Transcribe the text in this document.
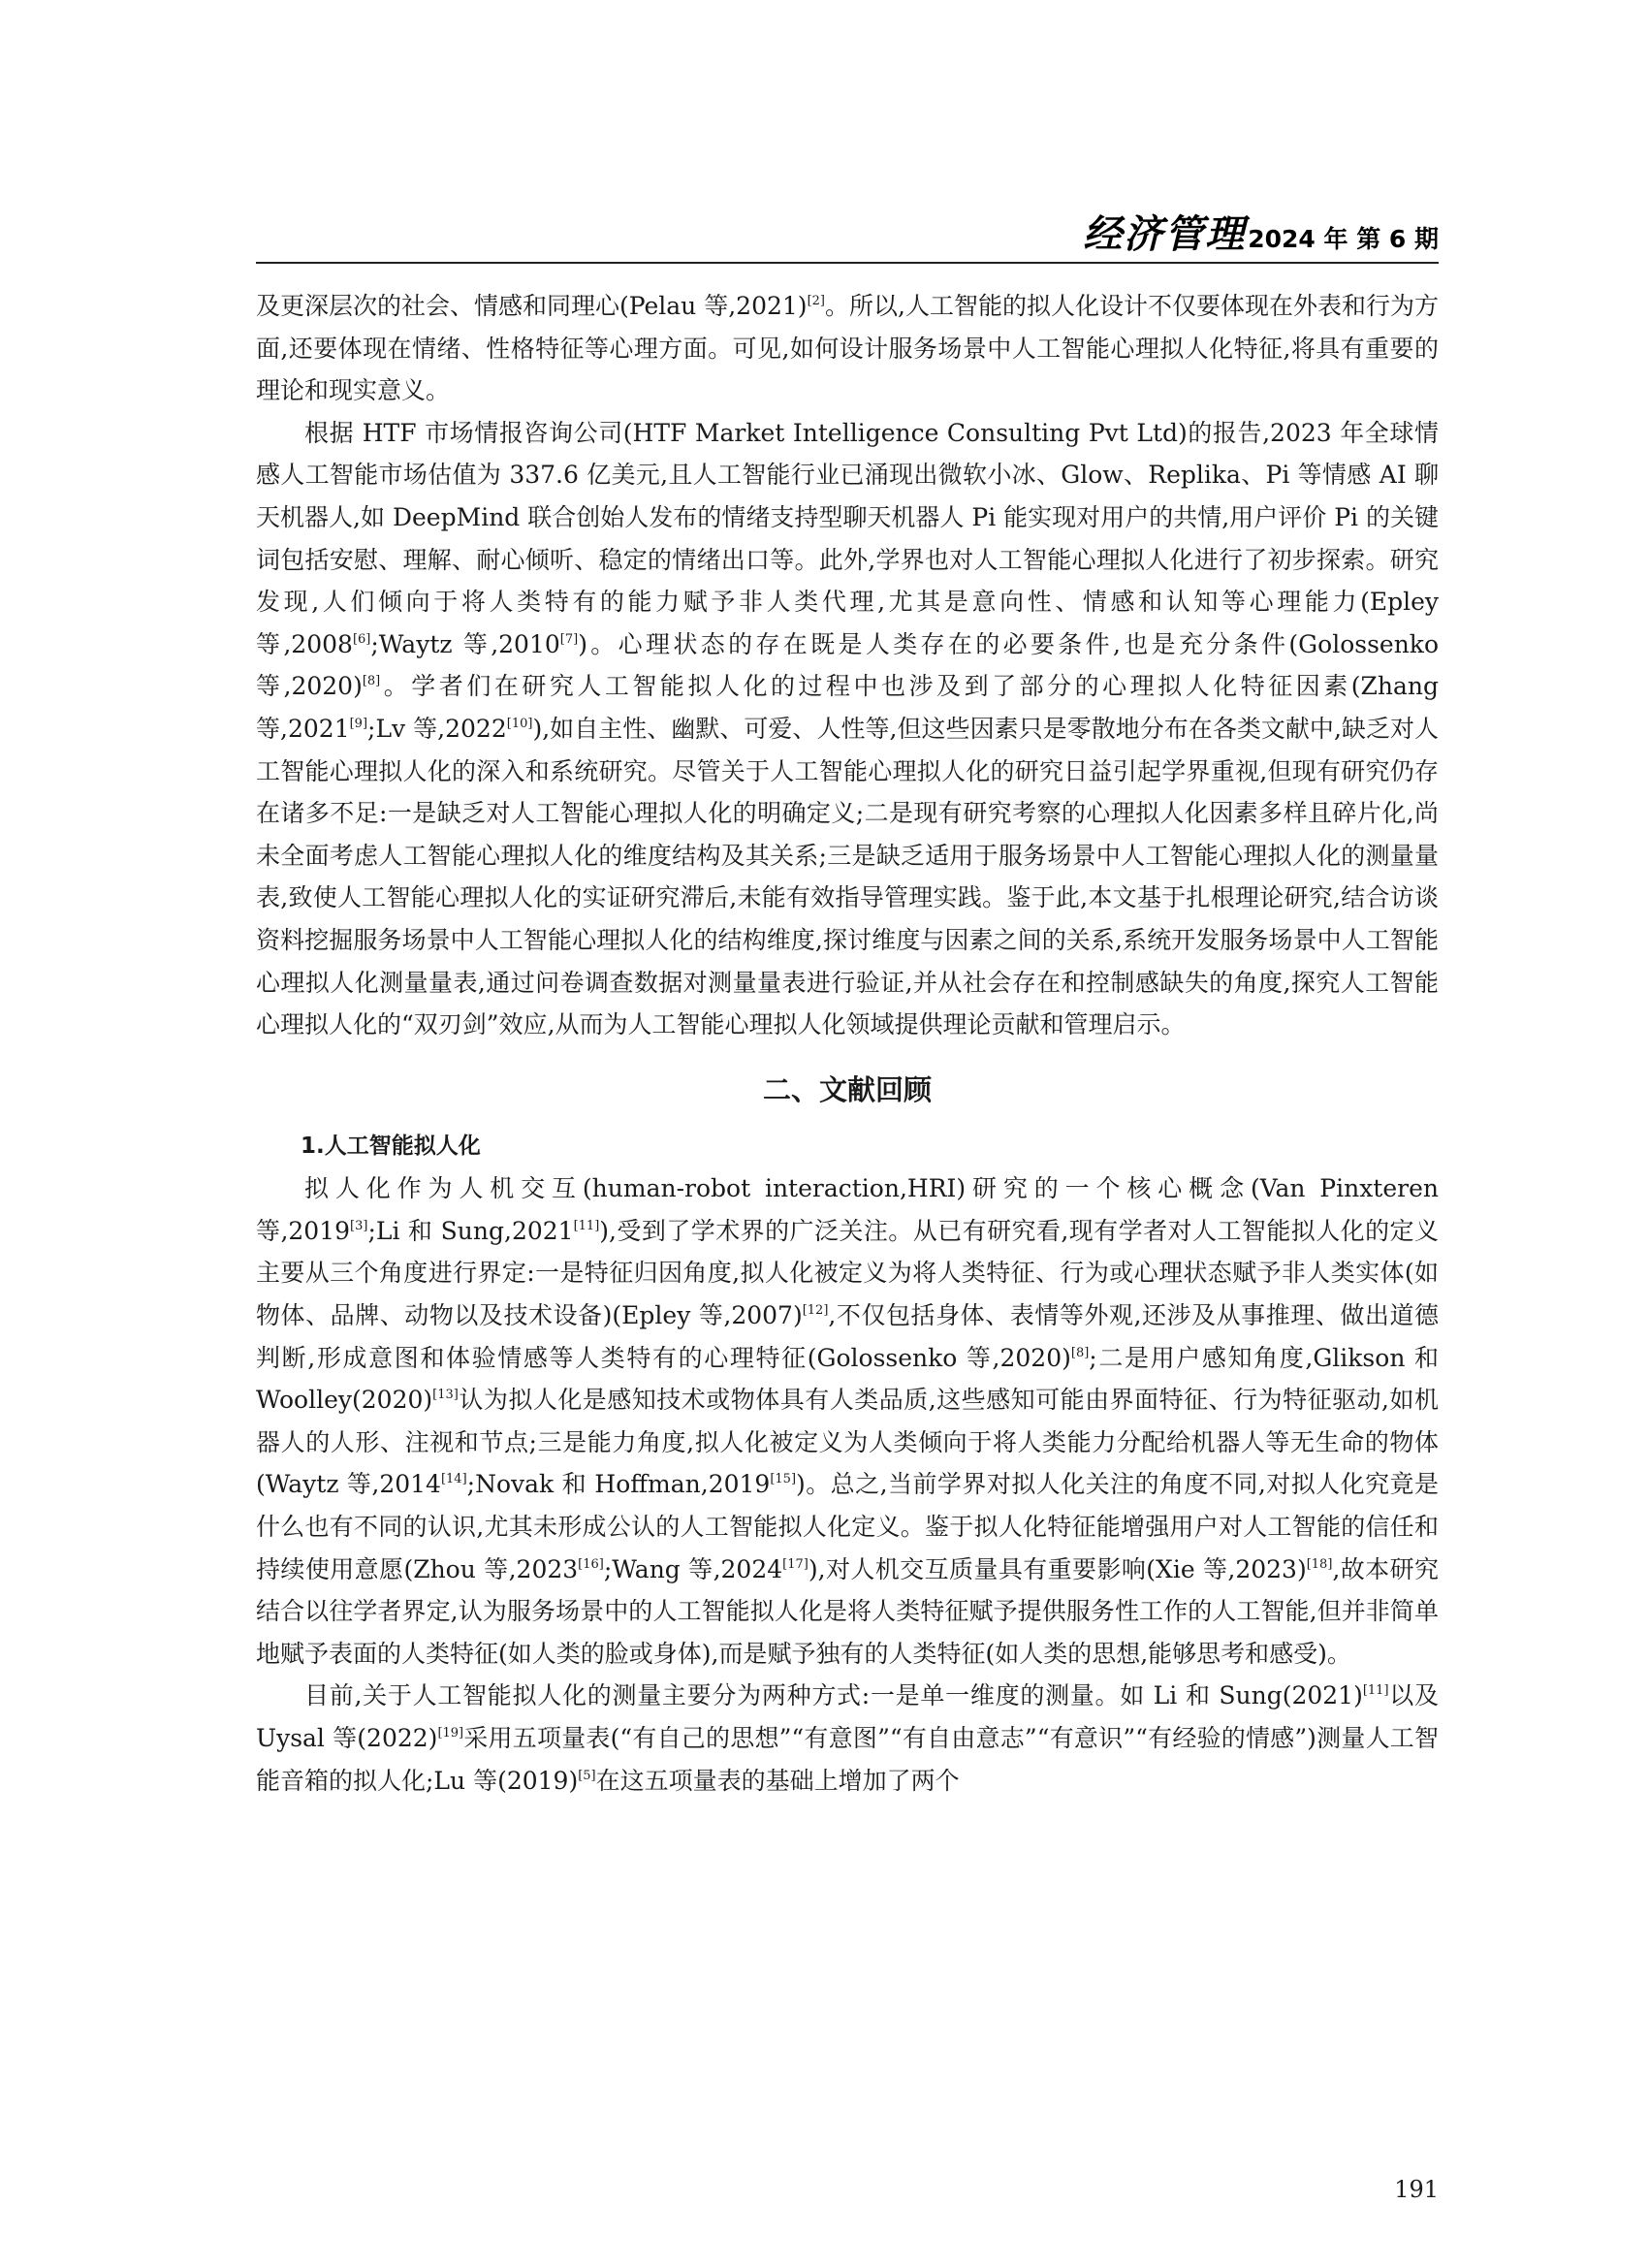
经济管理2024 年 第 6 期

及更深层次的社会、情感和同理心(Pelau 等,2021)[2]。所以,人工智能的拟人化设计不仅要体现在外表和行为方面,还要体现在情绪、性格特征等心理方面。可见,如何设计服务场景中人工智能心理拟人化特征,将具有重要的理论和现实意义。

根据 HTF 市场情报咨询公司(HTF Market Intelligence Consulting Pvt Ltd)的报告,2023 年全球情感人工智能市场估值为 337.6 亿美元,且人工智能行业已涌现出微软小冰、Glow、Replika、Pi 等情感 AI 聊天机器人,如 DeepMind 联合创始人发布的情绪支持型聊天机器人 Pi 能实现对用户的共情,用户评价 Pi 的关键词包括安慰、理解、耐心倾听、稳定的情绪出口等。此外,学界也对人工智能心理拟人化进行了初步探索。研究发现,人们倾向于将人类特有的能力赋予非人类代理,尤其是意向性、情感和认知等心理能力(Epley 等,2008[6];Waytz 等,2010[7])。心理状态的存在既是人类存在的必要条件,也是充分条件(Golossenko 等,2020)[8]。学者们在研究人工智能拟人化的过程中也涉及到了部分的心理拟人化特征因素(Zhang 等,2021[9];Lv 等,2022[10]),如自主性、幽默、可爱、人性等,但这些因素只是零散地分布在各类文献中,缺乏对人工智能心理拟人化的深入和系统研究。尽管关于人工智能心理拟人化的研究日益引起学界重视,但现有研究仍存在诸多不足:一是缺乏对人工智能心理拟人化的明确定义;二是现有研究考察的心理拟人化因素多样且碎片化,尚未全面考虑人工智能心理拟人化的维度结构及其关系;三是缺乏适用于服务场景中人工智能心理拟人化的测量量表,致使人工智能心理拟人化的实证研究滞后,未能有效指导管理实践。鉴于此,本文基于扎根理论研究,结合访谈资料挖掘服务场景中人工智能心理拟人化的结构维度,探讨维度与因素之间的关系,系统开发服务场景中人工智能心理拟人化测量量表,通过问卷调查数据对测量量表进行验证,并从社会存在和控制感缺失的角度,探究人工智能心理拟人化的“双刃剑”效应,从而为人工智能心理拟人化领域提供理论贡献和管理启示。

二、文献回顾
1.人工智能拟人化

拟人化作为人机交互(human-robot interaction,HRI)研究的一个核心概念(Van Pinxteren 等,2019[3];Li 和 Sung,2021[11]),受到了学术界的广泛关注。从已有研究看,现有学者对人工智能拟人化的定义主要从三个角度进行界定:一是特征归因角度,拟人化被定义为将人类特征、行为或心理状态赋予非人类实体(如物体、品牌、动物以及技术设备)(Epley 等,2007)[12],不仅包括身体、表情等外观,还涉及从事推理、做出道德判断,形成意图和体验情感等人类特有的心理特征(Golossenko 等,2020)[8];二是用户感知角度,Glikson 和 Woolley(2020)[13]认为拟人化是感知技术或物体具有人类品质,这些感知可能由界面特征、行为特征驱动,如机器人的人形、注视和节点;三是能力角度,拟人化被定义为人类倾向于将人类能力分配给机器人等无生命的物体(Waytz 等,2014[14];Novak 和 Hoffman,2019[15])。总之,当前学界对拟人化关注的角度不同,对拟人化究竟是什么也有不同的认识,尤其未形成公认的人工智能拟人化定义。鉴于拟人化特征能增强用户对人工智能的信任和持续使用意愿(Zhou 等,2023[16];Wang 等,2024[17]),对人机交互质量具有重要影响(Xie 等,2023)[18],故本研究结合以往学者界定,认为服务场景中的人工智能拟人化是将人类特征赋予提供服务性工作的人工智能,但并非简单地赋予表面的人类特征(如人类的脸或身体),而是赋予独有的人类特征(如人类的思想,能够思考和感受)。

目前,关于人工智能拟人化的测量主要分为两种方式:一是单一维度的测量。如 Li 和 Sung(2021)[11]以及 Uysal 等(2022)[19]采用五项量表(“有自己的思想”“有意图”“有自由意志”“有意识”“有经验的情感”)测量人工智能音箱的拟人化;Lu 等(2019)[5]在这五项量表的基础上增加了两个

191
